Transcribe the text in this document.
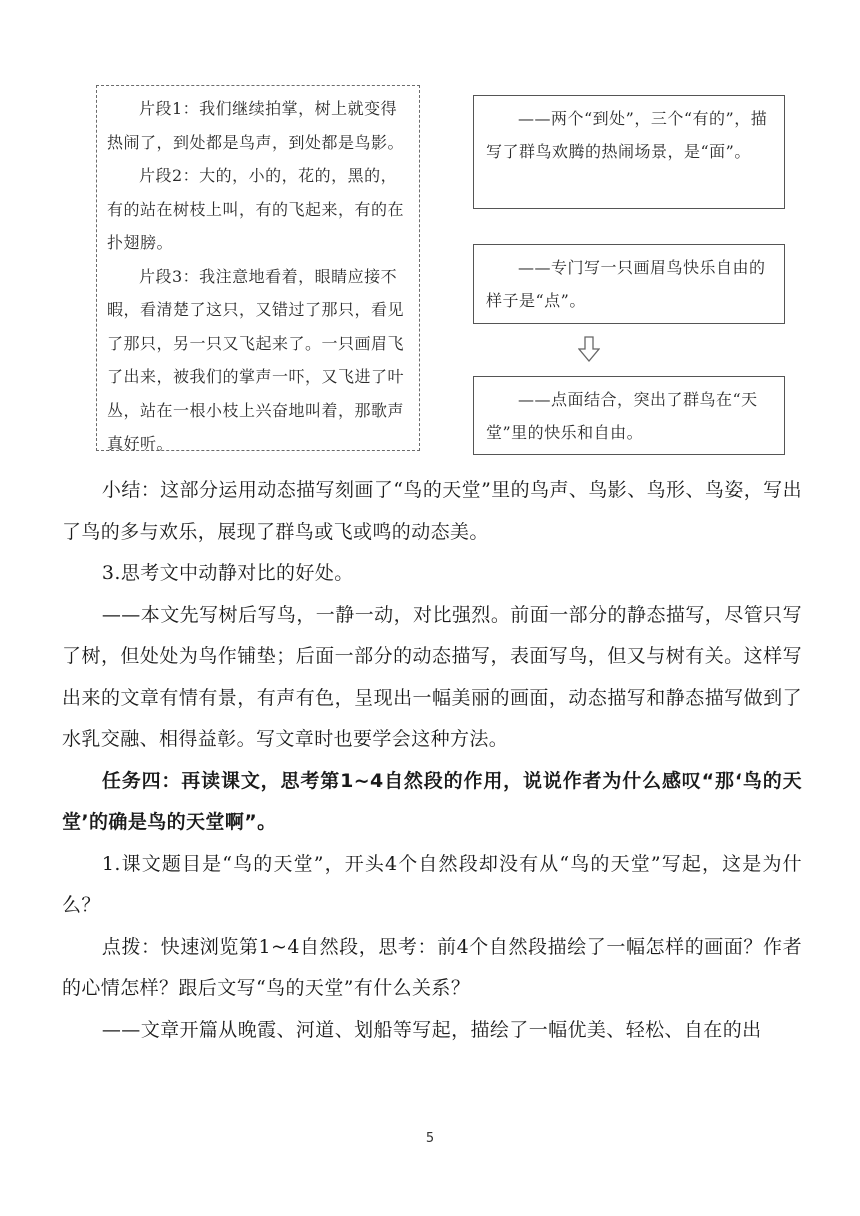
片段1：我们继续拍掌，树上就变得热闹了，到处都是鸟声，到处都是鸟影。

片段2：大的，小的，花的，黑的，有的站在树枝上叫，有的飞起来，有的在扑翅膀。

片段3：我注意地看着，眼睛应接不暇，看清楚了这只，又错过了那只，看见了那只，另一只又飞起来了。一只画眉飞了出来，被我们的掌声一吓，又飞进了叶丛，站在一根小枝上兴奋地叫着，那歌声真好听。

——两个“到处”，三个“有的”，描写了群鸟欢腾的热闹场景，是“面”。

——专门写一只画眉鸟快乐自由的样子是“点”。

——点面结合，突出了群鸟在“天堂”里的快乐和自由。

小结：这部分运用动态描写刻画了“鸟的天堂”里的鸟声、鸟影、鸟形、鸟姿，写出了鸟的多与欢乐，展现了群鸟或飞或鸣的动态美。

3.思考文中动静对比的好处。

——本文先写树后写鸟，一静一动，对比强烈。前面一部分的静态描写，尽管只写了树，但处处为鸟作铺垫；后面一部分的动态描写，表面写鸟，但又与树有关。这样写出来的文章有情有景，有声有色，呈现出一幅美丽的画面，动态描写和静态描写做到了水乳交融、相得益彰。写文章时也要学会这种方法。

任务四：再读课文，思考第1~4自然段的作用，说说作者为什么感叹“那‘鸟的天堂’的确是鸟的天堂啊”。

1.课文题目是“鸟的天堂”，开头4个自然段却没有从“鸟的天堂”写起，这是为什么？

点拨：快速浏览第1~4自然段，思考：前4个自然段描绘了一幅怎样的画面？作者的心情怎样？跟后文写“鸟的天堂”有什么关系？

——文章开篇从晚霞、河道、划船等写起，描绘了一幅优美、轻松、自在的出

5
